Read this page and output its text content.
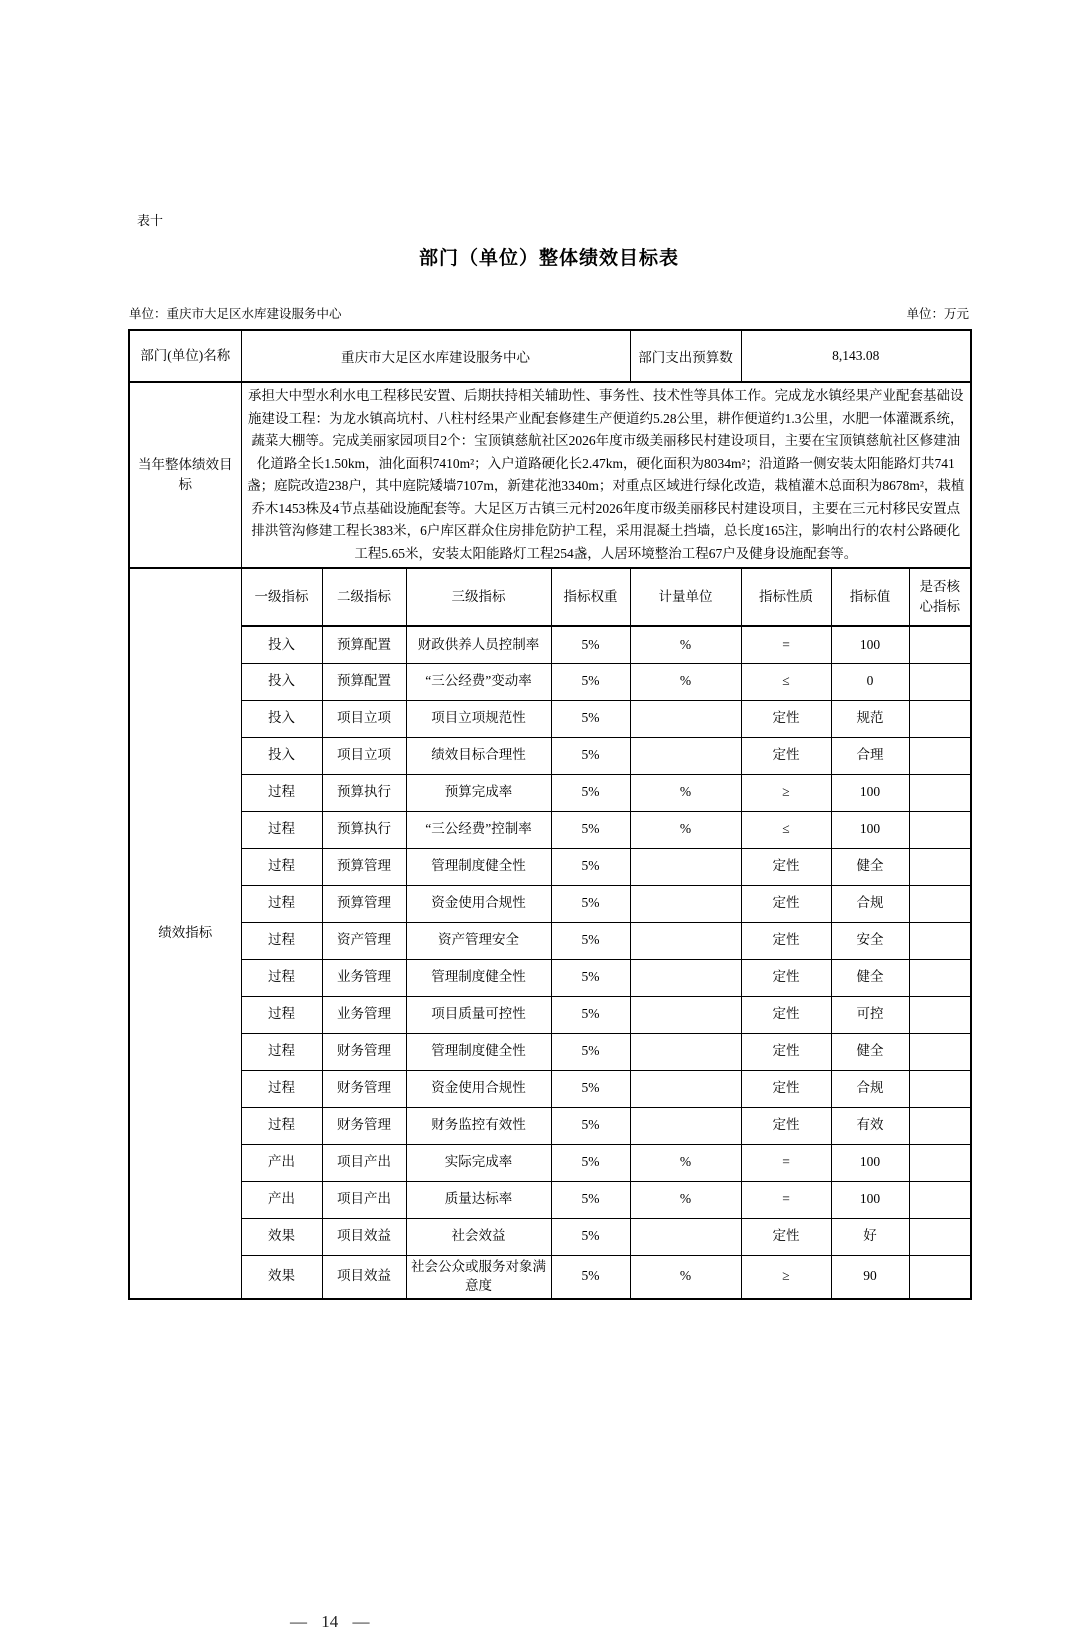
表十
部门（单位）整体绩效目标表
单位：重庆市大足区水库建设服务中心	单位：万元
部门(单位)名称	重庆市大足区水库建设服务中心				部门支出预算数	8,143.08		
当年整体绩效目标	承担大中型水利水电工程移民安置、后期扶持相关辅助性、事务性、技术性等具体工作。完成龙水镇经果产业配套基础设施建设工程：为龙水镇高坑村、八柱村经果产业配套修建生产便道约5.28公里，耕作便道约1.3公里，水肥一体灌溉系统，蔬菜大棚等。完成美丽家园项目2个：宝顶镇慈航社区2026年度市级美丽移民村建设项目，主要在宝顶镇慈航社区修建油化道路全长1.50km，油化面积7410m²；入户道路硬化长2.47km，硬化面积为8034m²；沿道路一侧安装太阳能路灯共741盏；庭院改造238户，其中庭院矮墙7107m，新建花池3340m；对重点区域进行绿化改造，栽植灌木总面积为8678m²，栽植乔木1453株及4节点基础设施配套等。大足区万古镇三元村2026年度市级美丽移民村建设项目，主要在三元村移民安置点排洪管沟修建工程长383米，6户库区群众住房排危防护工程，采用混凝土挡墙，总长度165注，影响出行的农村公路硬化工程5.65米，安装太阳能路灯工程254盏，人居环境整治工程67户及健身设施配套等。							
绩效指标	一级指标	二级指标	三级指标	指标权重	计量单位	指标性质	指标值	是否核心指标
	投入	预算配置	财政供养人员控制率	5%	%	=	100	
	投入	预算配置	“三公经费”变动率	5%	%	≤	0	
	投入	项目立项	项目立项规范性	5%		定性	规范	
	投入	项目立项	绩效目标合理性	5%		定性	合理	
	过程	预算执行	预算完成率	5%	%	≥	100	
	过程	预算执行	“三公经费”控制率	5%	%	≤	100	
	过程	预算管理	管理制度健全性	5%		定性	健全	
	过程	预算管理	资金使用合规性	5%		定性	合规	
	过程	资产管理	资产管理安全	5%		定性	安全	
	过程	业务管理	管理制度健全性	5%		定性	健全	
	过程	业务管理	项目质量可控性	5%		定性	可控	
	过程	财务管理	管理制度健全性	5%		定性	健全	
	过程	财务管理	资金使用合规性	5%		定性	合规	
	过程	财务管理	财务监控有效性	5%		定性	有效	
	产出	项目产出	实际完成率	5%	%	=	100	
	产出	项目产出	质量达标率	5%	%	=	100	
	效果	项目效益	社会效益	5%		定性	好	
	效果	项目效益	社会公众或服务对象满意度	5%	%	≥	90	
— 14 —
